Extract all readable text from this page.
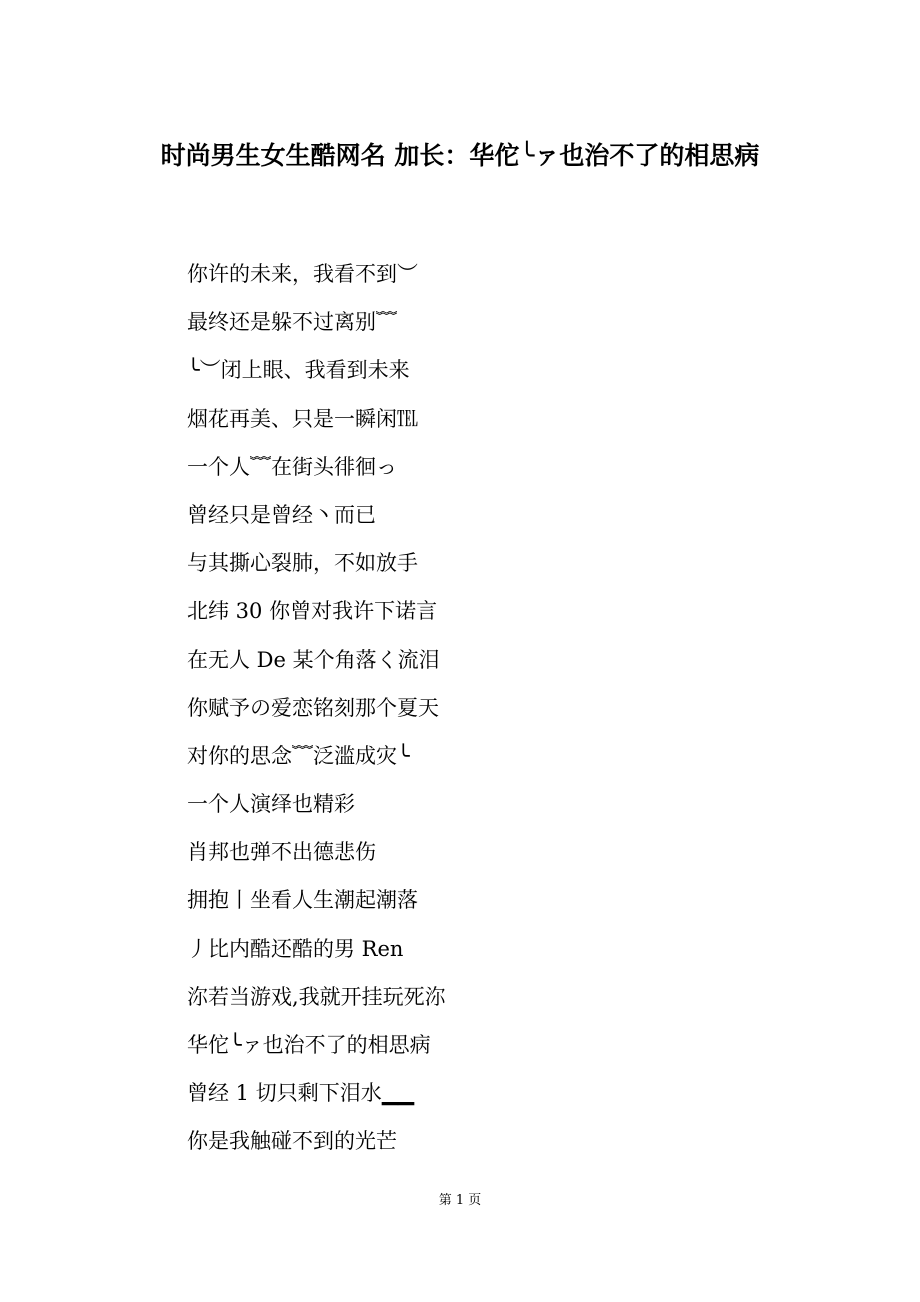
时尚男生女生酷网名 加长：华佗╰ァ也治不了的相思病
你许的未来，我看不到︶
最终还是躲不过离别﹌
╰︶闭上眼、我看到未来
烟花再美、只是一瞬闲℡
一个人﹌在街头徘徊っ
曾经只是曾经丶而已
与其撕心裂肺，不如放手
北纬 30 你曾对我许下诺言
在无人 De 某个角落く流泪
你赋予の爱恋铭刻那个夏天
对你的思念﹌泛滥成灾╰
一个人演绎也精彩
肖邦也弹不出德悲伤
拥抱丨坐看人生潮起潮落
丿比内酷还酷的男 Ren
沵若当游戏,我就开挂玩死沵
华佗╰ァ也治不了的相思病
曾经 1 切只剩下泪水▁▁
你是我触碰不到的光芒
第 1 页
